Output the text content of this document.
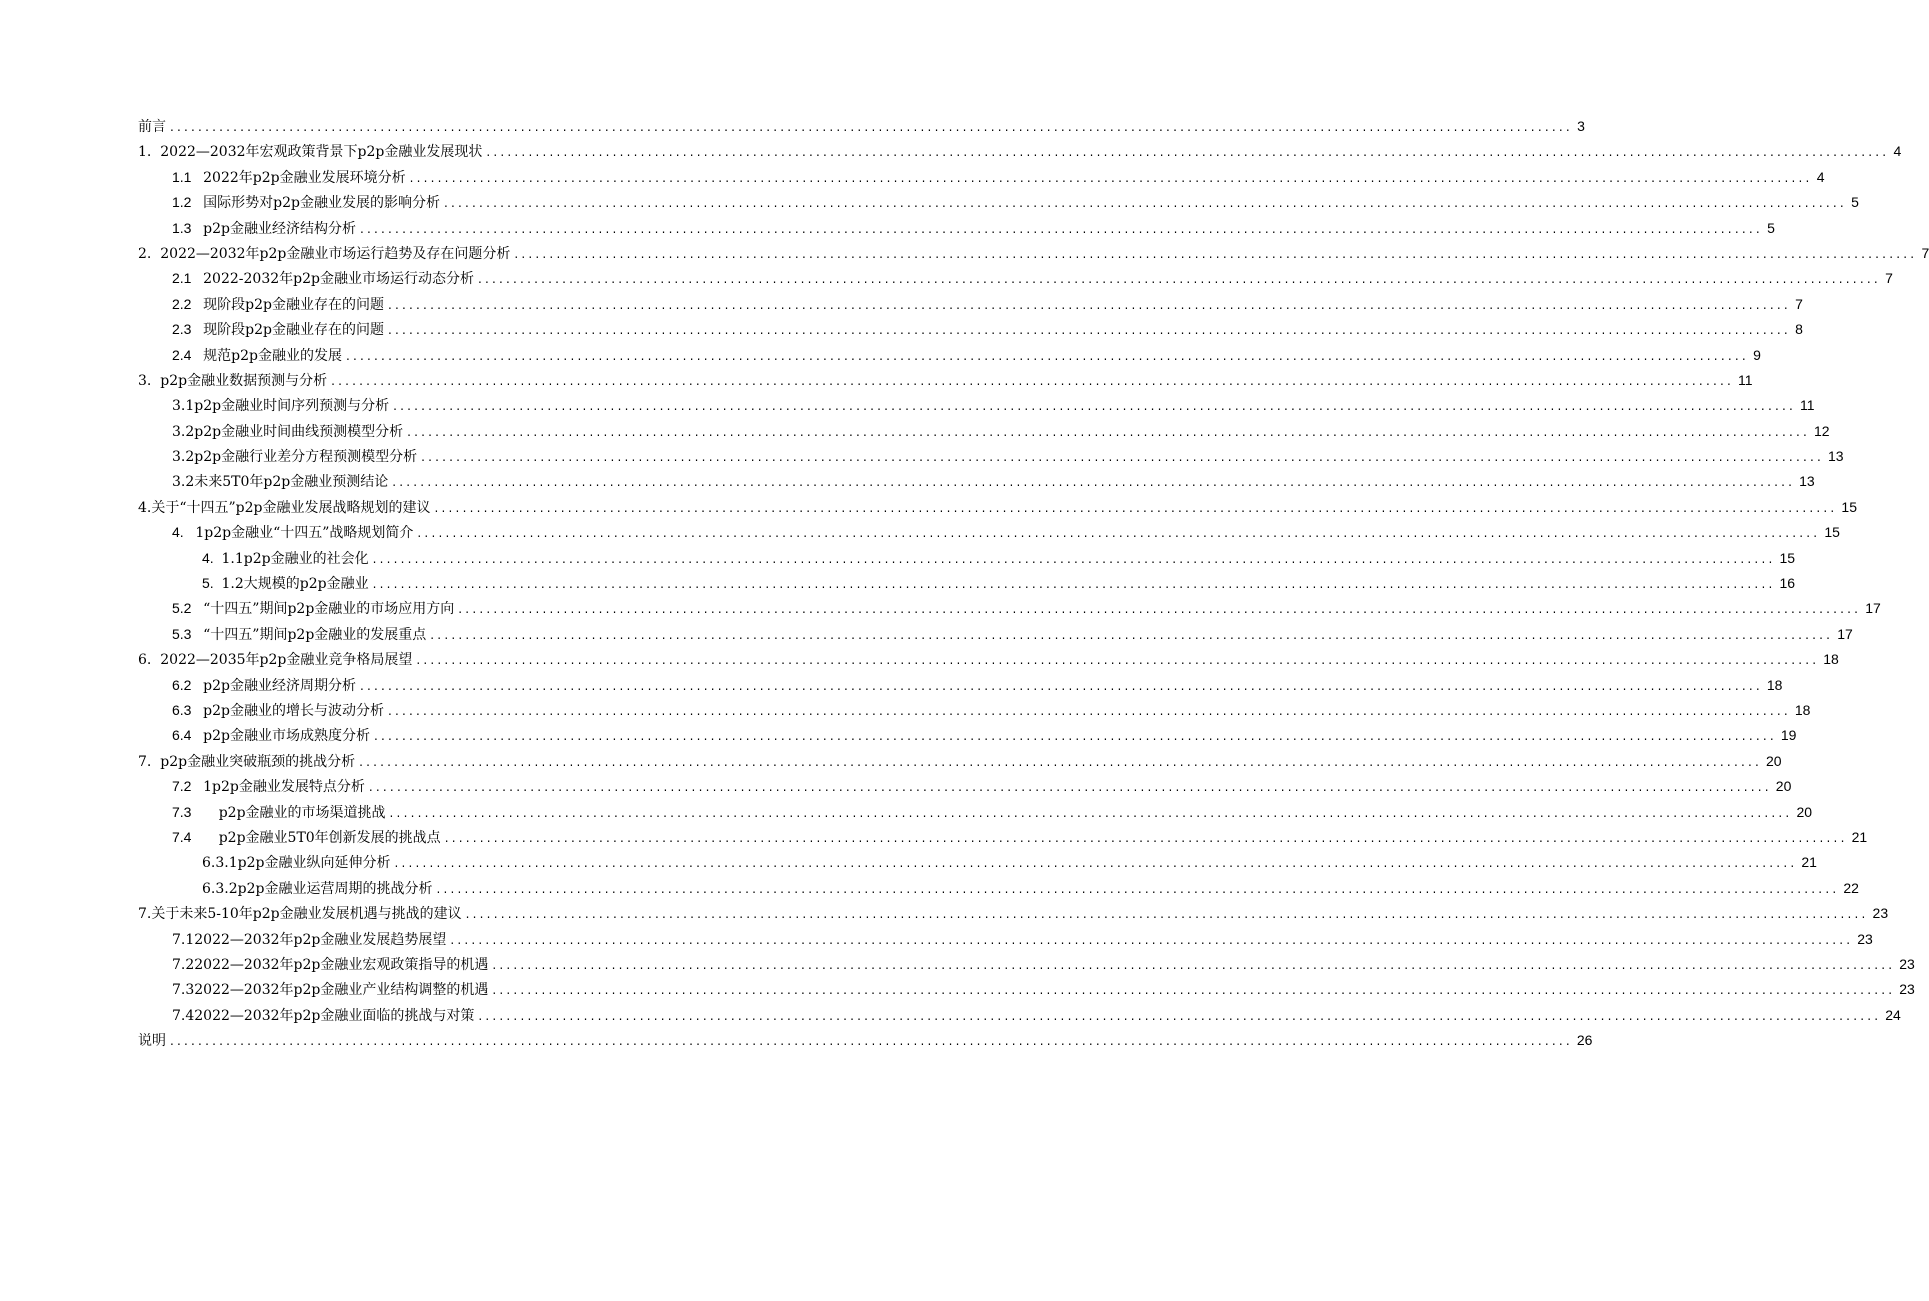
前言 ........................................................................................................................................................................................................ 3
1. 2022—2032年宏观政策背景下p2p金融业发展现状 ........................................................................................................................................................................................................ 4
1.1 2022年p2p金融业发展环境分析 ........................................................................................................................................................................................................ 4
1.2 国际形势对p2p金融业发展的影响分析 ........................................................................................................................................................................................................ 5
1.3 p2p金融业经济结构分析 ........................................................................................................................................................................................................ 5
2. 2022—2032年p2p金融业市场运行趋势及存在问题分析 ........................................................................................................................................................................................................ 7
2.1 2022-2032年p2p金融业市场运行动态分析 ........................................................................................................................................................................................................ 7
2.2 现阶段p2p金融业存在的问题 ........................................................................................................................................................................................................ 7
2.3 现阶段p2p金融业存在的问题 ........................................................................................................................................................................................................ 8
2.4 规范p2p金融业的发展 ........................................................................................................................................................................................................ 9
3. p2p金融业数据预测与分析 ........................................................................................................................................................................................................ 11
3.1p2p金融业时间序列预测与分析 ........................................................................................................................................................................................................ 11
3.2p2p金融业时间曲线预测模型分析 ........................................................................................................................................................................................................ 12
3.2p2p金融行业差分方程预测模型分析 ........................................................................................................................................................................................................ 13
3.2未来5T0年p2p金融业预测结论 ........................................................................................................................................................................................................ 13
4.关于“十四五”p2p金融业发展战略规划的建议 ........................................................................................................................................................................................................ 15
4. 1p2p金融业“十四五”战略规划简介 ........................................................................................................................................................................................................ 15
4. 1.1p2p金融业的社会化 ........................................................................................................................................................................................................ 15
5. 1.2大规模的p2p金融业 ........................................................................................................................................................................................................ 16
5.2 “十四五”期间p2p金融业的市场应用方向 ........................................................................................................................................................................................................ 17
5.3 “十四五”期间p2p金融业的发展重点 ........................................................................................................................................................................................................ 17
6. 2022—2035年p2p金融业竞争格局展望 ........................................................................................................................................................................................................ 18
6.2 p2p金融业经济周期分析 ........................................................................................................................................................................................................ 18
6.3 p2p金融业的增长与波动分析 ........................................................................................................................................................................................................ 18
6.4 p2p金融业市场成熟度分析 ........................................................................................................................................................................................................ 19
7. p2p金融业突破瓶颈的挑战分析 ........................................................................................................................................................................................................ 20
7.2 1p2p金融业发展特点分析 ........................................................................................................................................................................................................ 20
7.3 p2p金融业的市场渠道挑战 ........................................................................................................................................................................................................ 20
7.4 p2p金融业5T0年创新发展的挑战点 ........................................................................................................................................................................................................ 21
6.3.1p2p金融业纵向延伸分析 ........................................................................................................................................................................................................ 21
6.3.2p2p金融业运营周期的挑战分析 ........................................................................................................................................................................................................ 22
7.关于未来5-10年p2p金融业发展机遇与挑战的建议 ........................................................................................................................................................................................................ 23
7.12022—2032年p2p金融业发展趋势展望 ........................................................................................................................................................................................................ 23
7.22022—2032年p2p金融业宏观政策指导的机遇 ........................................................................................................................................................................................................ 23
7.32022—2032年p2p金融业产业结构调整的机遇 ........................................................................................................................................................................................................ 23
7.42022—2032年p2p金融业面临的挑战与对策 ........................................................................................................................................................................................................ 24
说明 ........................................................................................................................................................................................................ 26
